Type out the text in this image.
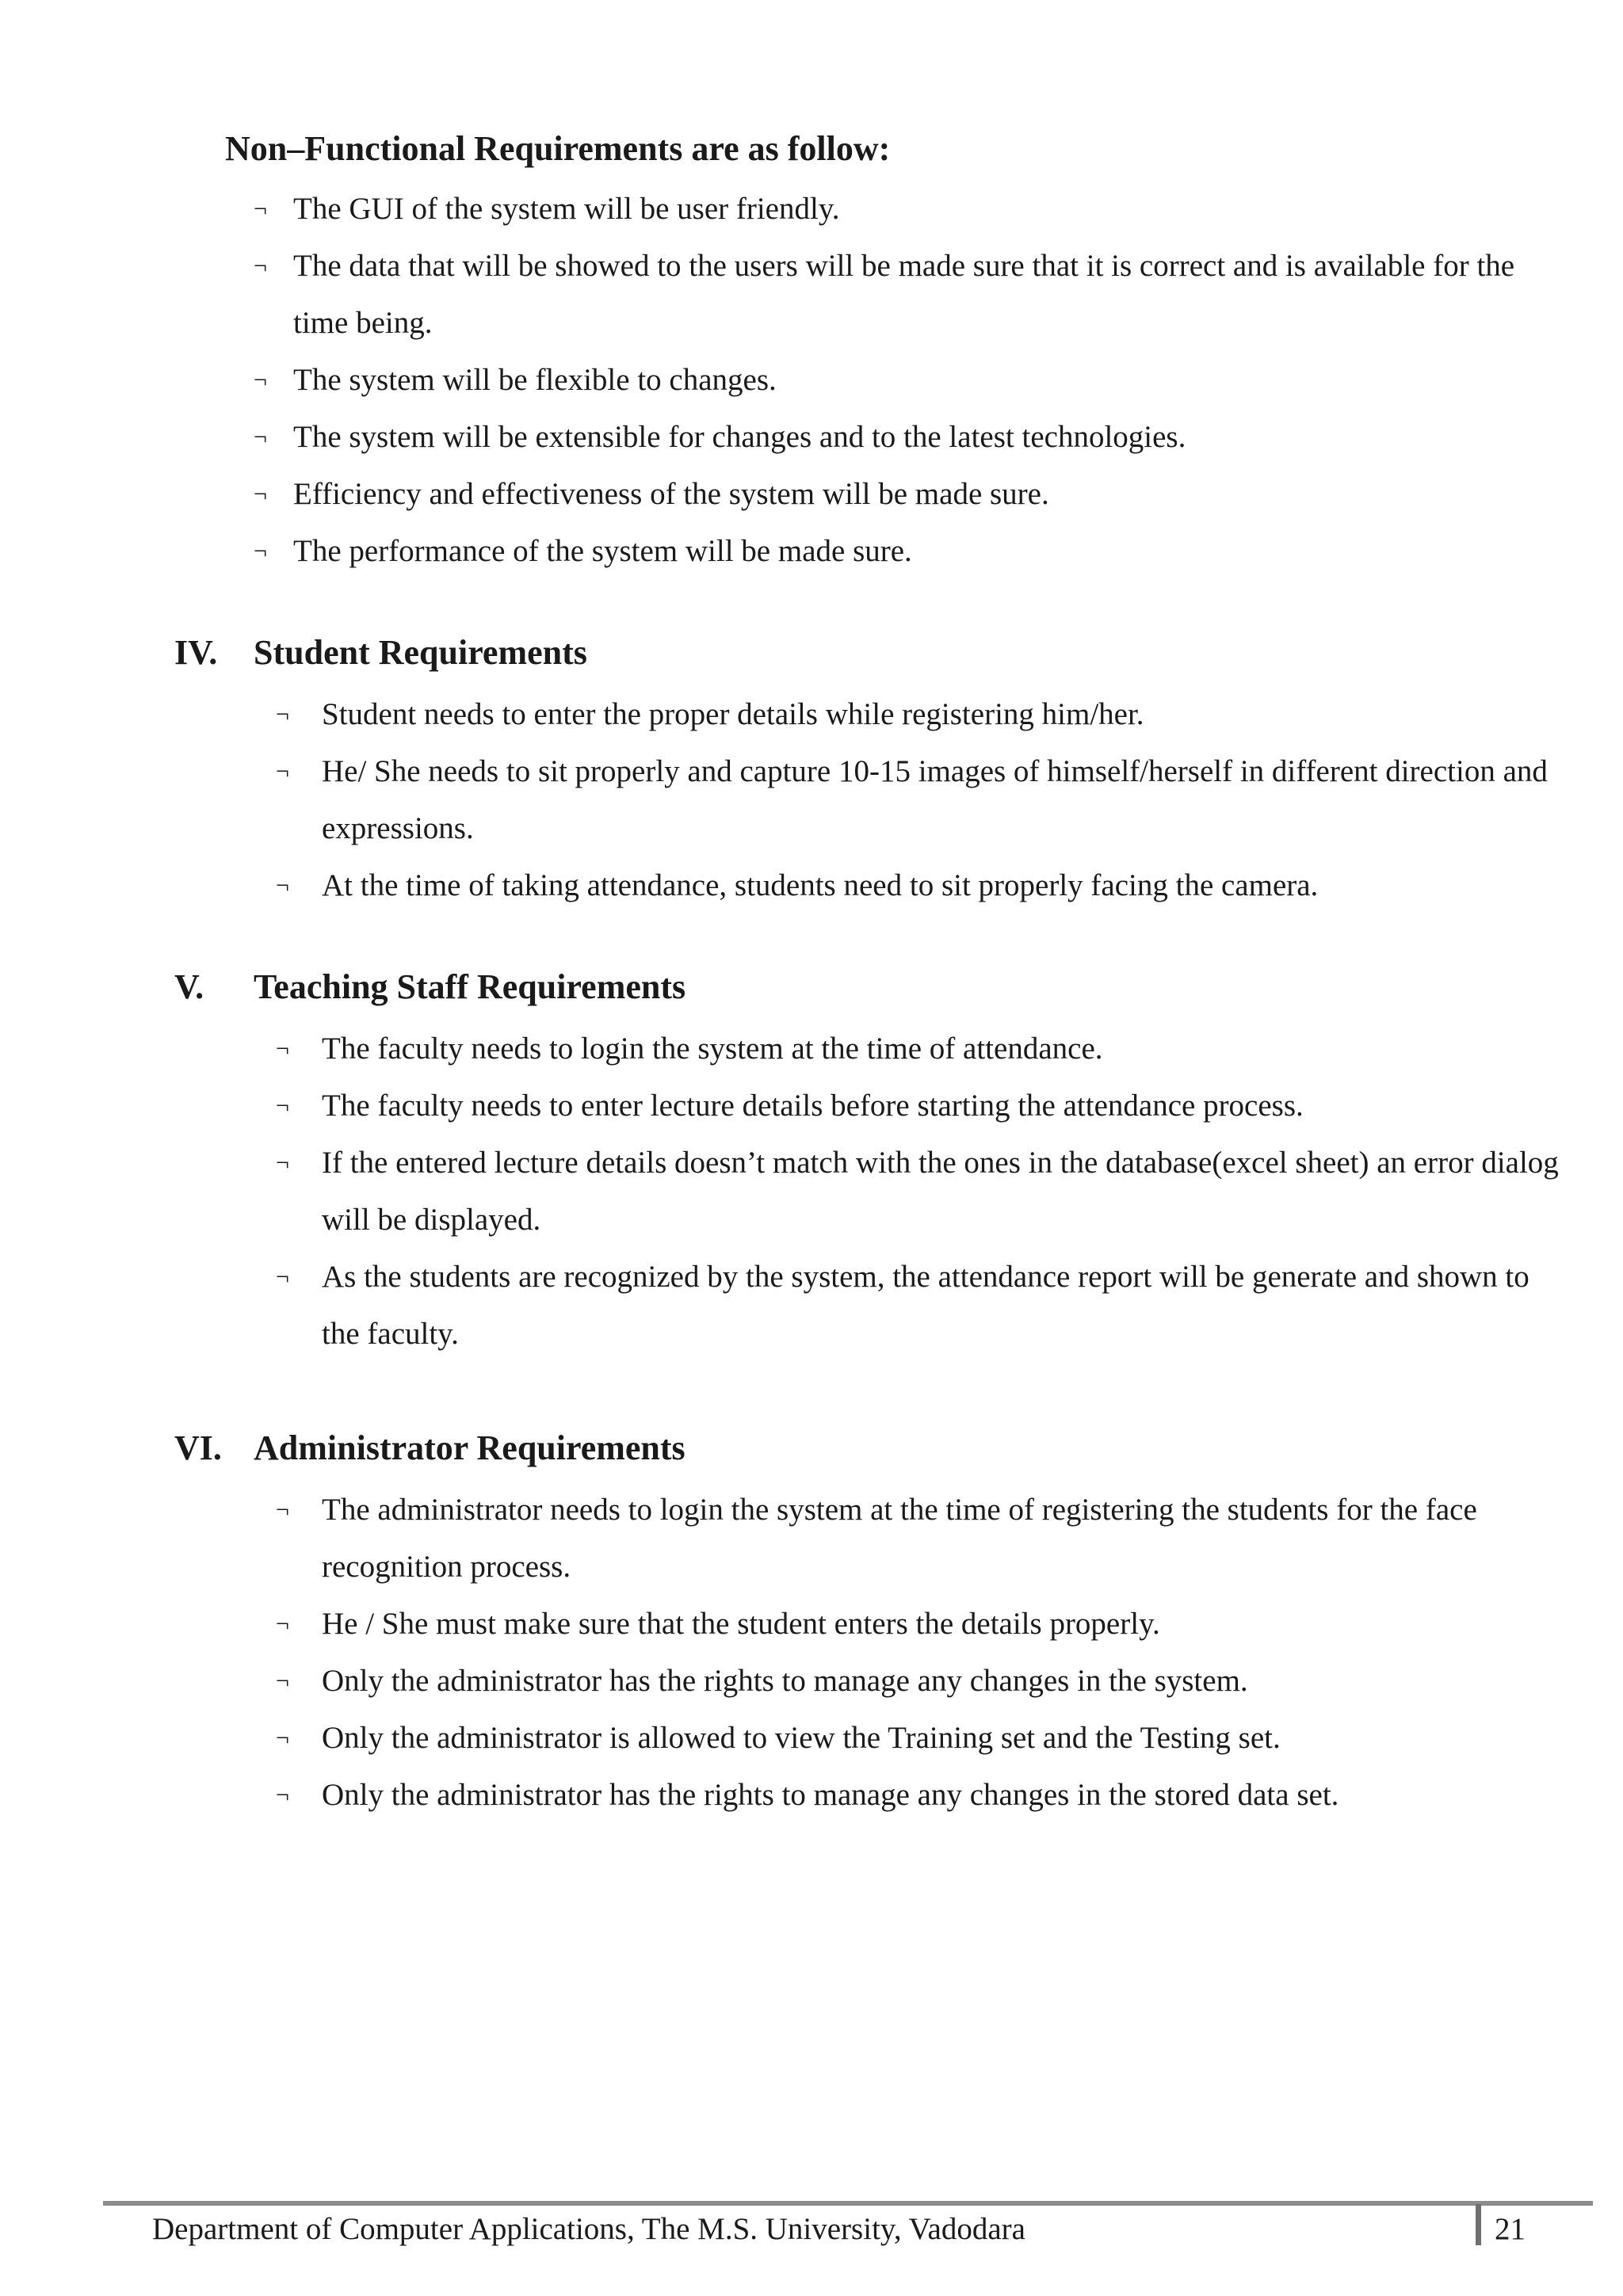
Non–Functional Requirements are as follow:
¬ The GUI of the system will be user friendly.
¬ The data that will be showed to the users will be made sure that it is correct and is available for the time being.
¬ The system will be flexible to changes.
¬ The system will be extensible for changes and to the latest technologies.
¬ Efficiency and effectiveness of the system will be made sure.
¬ The performance of the system will be made sure.
IV. Student Requirements
¬ Student needs to enter the proper details while registering him/her.
¬ He/ She needs to sit properly and capture 10-15 images of himself/herself in different direction and expressions.
¬ At the time of taking attendance, students need to sit properly facing the camera.
V. Teaching Staff Requirements
¬ The faculty needs to login the system at the time of attendance.
¬ The faculty needs to enter lecture details before starting the attendance process.
¬ If the entered lecture details doesn’t match with the ones in the database(excel sheet) an error dialog will be displayed.
¬ As the students are recognized by the system, the attendance report will be generate and shown to the faculty.
VI. Administrator Requirements
¬ The administrator needs to login the system at the time of registering the students for the face recognition process.
¬ He / She must make sure that the student enters the details properly.
¬ Only the administrator has the rights to manage any changes in the system.
¬ Only the administrator is allowed to view the Training set and the Testing set.
¬ Only the administrator has the rights to manage any changes in the stored data set.
Department of Computer Applications, The M.S. University, Vadodara	21
